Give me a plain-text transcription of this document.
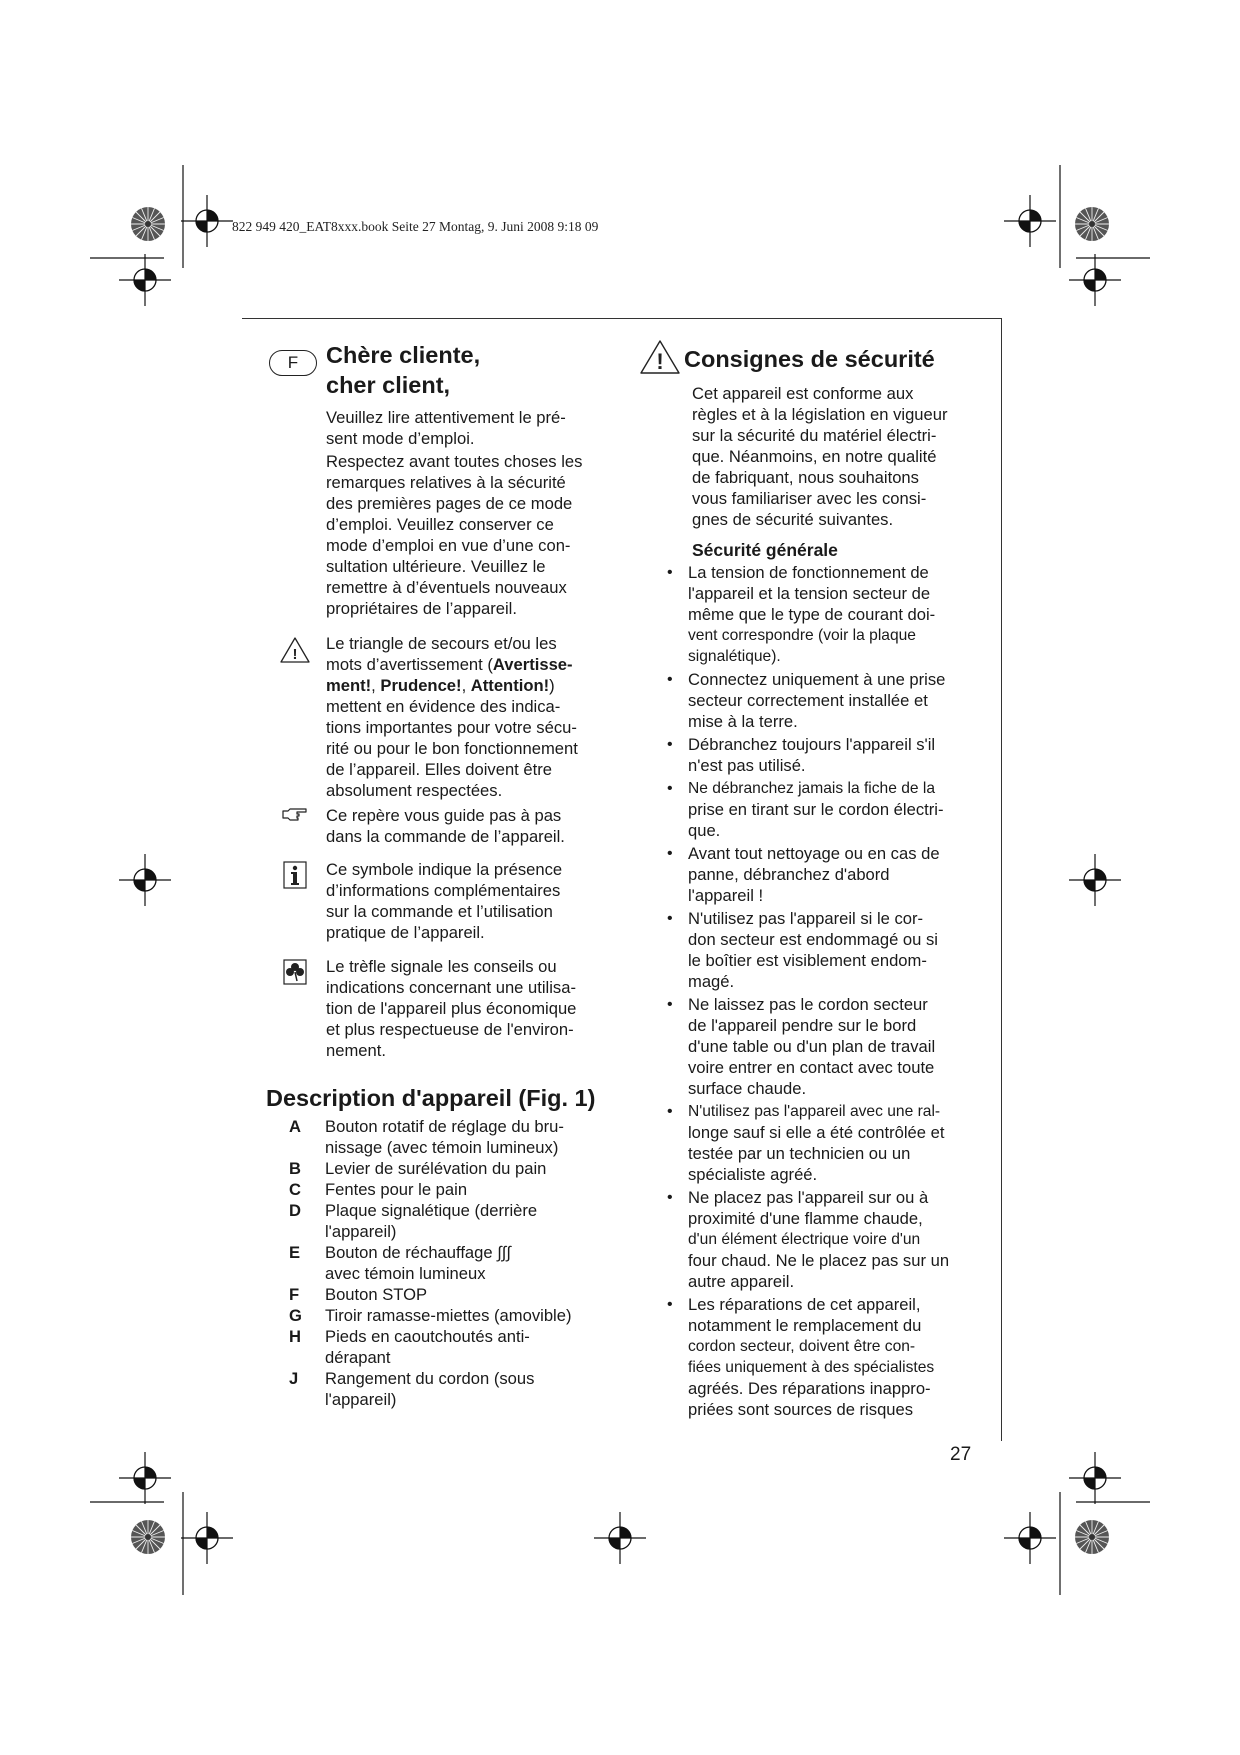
822 949 420_EAT8xxx.book Seite 27 Montag, 9. Juni 2008 9:18 09
F	Chère cliente,
cher client,
Veuillez lire attentivement le pré-
sent mode d’emploi.
Respectez avant toutes choses les
remarques relatives à la sécurité
des premières pages de ce mode
d’emploi. Veuillez conserver ce
mode d’emploi en vue d’une con-
sultation ultérieure. Veuillez le
remettre à d’éventuels nouveaux
propriétaires de l’appareil.
!
Le triangle de secours et/ou les
mots d’avertissement (Avertisse-
ment!, Prudence!, Attention!)
mettent en évidence des indica-
tions importantes pour votre sécu-
rité ou pour le bon fonctionnement
de l’appareil. Elles doivent être
absolument respectées.
Ce repère vous guide pas à pas
dans la commande de l’appareil.
Ce symbole indique la présence
d’informations complémentaires
sur la commande et l’utilisation
pratique de l’appareil.
Le trèfle signale les conseils ou
indications concernant une utilisa-
tion de l'appareil plus économique
et plus respectueuse de l'environ-
nement.
Description d'appareil (Fig. 1)
A	Bouton rotatif de réglage du bru-
nissage (avec témoin lumineux)
B	Levier de surélévation du pain
C	Fentes pour le pain
D	Plaque signalétique (derrière
l'appareil)
E	Bouton de réchauffage ∫∫∫
avec témoin lumineux
F	Bouton STOP
G	Tiroir ramasse-miettes (amovible)
H	Pieds en caoutchoutés anti-
dérapant
J	Rangement du cordon (sous
l'appareil)
! Consignes de sécurité
Cet appareil est conforme aux
règles et à la législation en vigueur
sur la sécurité du matériel électri-
que. Néanmoins, en notre qualité
de fabriquant, nous souhaitons
vous familiariser avec les consi-
gnes de sécurité suivantes.
Sécurité générale
• La tension de fonctionnement de
l'appareil et la tension secteur de
même que le type de courant doi-
vent correspondre (voir la plaque
signalétique).
• Connectez uniquement à une prise
secteur correctement installée et
mise à la terre.
• Débranchez toujours l'appareil s'il
n'est pas utilisé.
• Ne débranchez jamais la fiche de la
prise en tirant sur le cordon électri-
que.
• Avant tout nettoyage ou en cas de
panne, débranchez d'abord
l'appareil !
• N'utilisez pas l'appareil si le cor-
don secteur est endommagé ou si
le boîtier est visiblement endom-
magé.
• Ne laissez pas le cordon secteur
de l'appareil pendre sur le bord
d'une table ou d'un plan de travail
voire entrer en contact avec toute
surface chaude.
• N'utilisez pas l'appareil avec une ral-
longe sauf si elle a été contrôlée et
testée par un technicien ou un
spécialiste agréé.
• Ne placez pas l'appareil sur ou à
proximité d'une flamme chaude,
d'un élément électrique voire d'un
four chaud. Ne le placez pas sur un
autre appareil.
• Les réparations de cet appareil,
notamment le remplacement du
cordon secteur, doivent être con-
fiées uniquement à des spécialistes
agréés. Des réparations inappro-
priées sont sources de risques
27
